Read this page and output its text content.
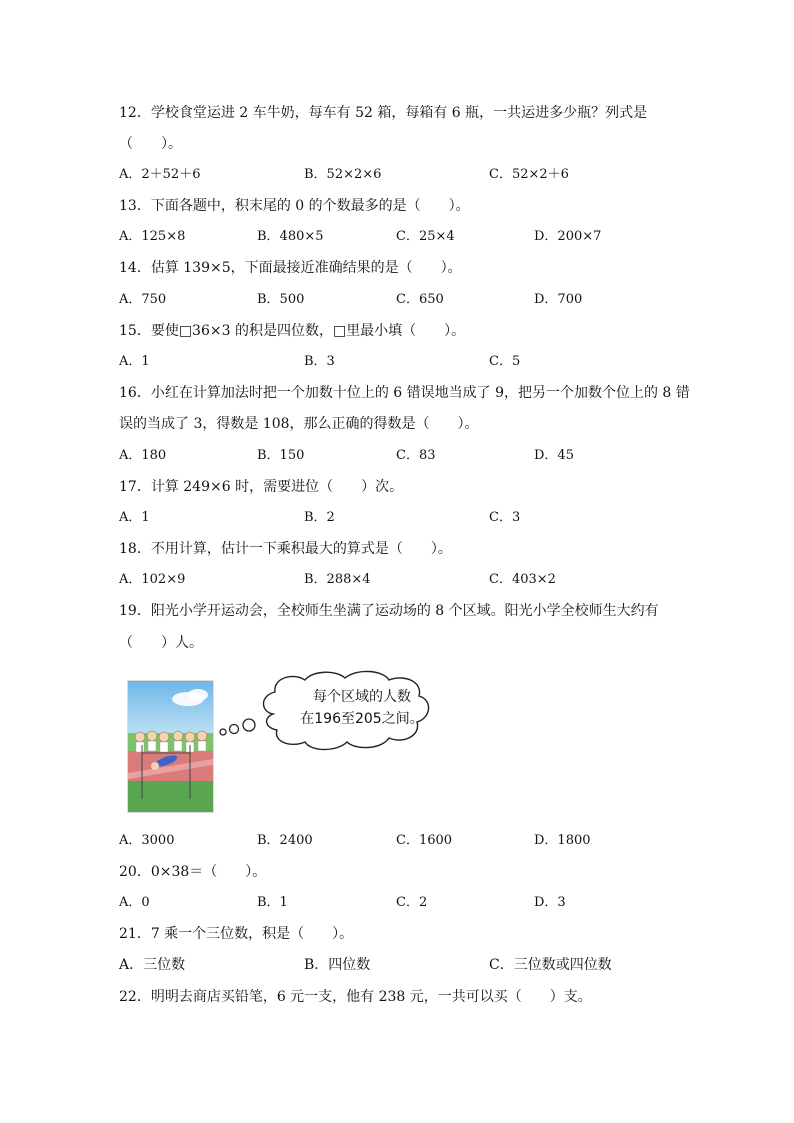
12．学校食堂运进 2 车牛奶，每车有 52 箱，每箱有 6 瓶，一共运进多少瓶？列式是
（　　）。
A．2＋52＋6	B．52×2×6	C．52×2＋6
13．下面各题中，积末尾的 0 的个数最多的是（　　）。
A．125×8	B．480×5	C．25×4	D．200×7
14．估算 139×5，下面最接近准确结果的是（　　）。
A．750	B．500	C．650	D．700
15．要使□36×3 的积是四位数，□里最小填（　　）。
A．1	B．3	C．5
16．小红在计算加法时把一个加数十位上的 6 错误地当成了 9，把另一个加数个位上的 8 错
误的当成了 3，得数是 108，那么正确的得数是（　　）。
A．180	B．150	C．83	D．45
17．计算 249×6 时，需要进位（　　）次。
A．1	B．2	C．3
18．不用计算，估计一下乘积最大的算式是（　　）。
A．102×9	B．288×4	C．403×2
19．阳光小学开运动会，全校师生坐满了运动场的 8 个区域。阳光小学全校师生大约有
（　　）人。
每个区域的人数
在196至205之间。
A．3000	B．2400	C．1600	D．1800
20．0×38＝（　　）。
A．0	B．1	C．2	D．3
21．7 乘一个三位数，积是（　　）。
A．三位数	B．四位数	C．三位数或四位数
22．明明去商店买铅笔，6 元一支，他有 238 元，一共可以买（　　）支。
